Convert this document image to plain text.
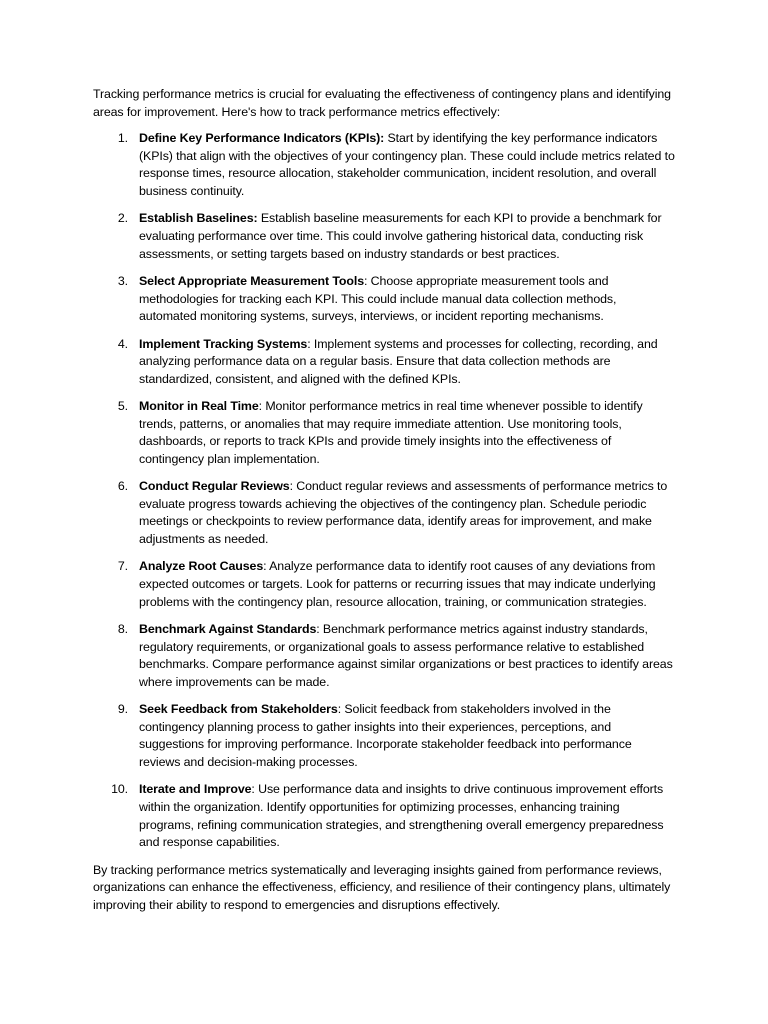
Tracking performance metrics is crucial for evaluating the effectiveness of contingency plans and identifying areas for improvement. Here's how to track performance metrics effectively:

1. Define Key Performance Indicators (KPIs): Start by identifying the key performance indicators (KPIs) that align with the objectives of your contingency plan. These could include metrics related to response times, resource allocation, stakeholder communication, incident resolution, and overall business continuity.
2. Establish Baselines: Establish baseline measurements for each KPI to provide a benchmark for evaluating performance over time. This could involve gathering historical data, conducting risk assessments, or setting targets based on industry standards or best practices.
3. Select Appropriate Measurement Tools: Choose appropriate measurement tools and methodologies for tracking each KPI. This could include manual data collection methods, automated monitoring systems, surveys, interviews, or incident reporting mechanisms.
4. Implement Tracking Systems: Implement systems and processes for collecting, recording, and analyzing performance data on a regular basis. Ensure that data collection methods are standardized, consistent, and aligned with the defined KPIs.
5. Monitor in Real Time: Monitor performance metrics in real time whenever possible to identify trends, patterns, or anomalies that may require immediate attention. Use monitoring tools, dashboards, or reports to track KPIs and provide timely insights into the effectiveness of contingency plan implementation.
6. Conduct Regular Reviews: Conduct regular reviews and assessments of performance metrics to evaluate progress towards achieving the objectives of the contingency plan. Schedule periodic meetings or checkpoints to review performance data, identify areas for improvement, and make adjustments as needed.
7. Analyze Root Causes: Analyze performance data to identify root causes of any deviations from expected outcomes or targets. Look for patterns or recurring issues that may indicate underlying problems with the contingency plan, resource allocation, training, or communication strategies.
8. Benchmark Against Standards: Benchmark performance metrics against industry standards, regulatory requirements, or organizational goals to assess performance relative to established benchmarks. Compare performance against similar organizations or best practices to identify areas where improvements can be made.
9. Seek Feedback from Stakeholders: Solicit feedback from stakeholders involved in the contingency planning process to gather insights into their experiences, perceptions, and suggestions for improving performance. Incorporate stakeholder feedback into performance reviews and decision-making processes.
10. Iterate and Improve: Use performance data and insights to drive continuous improvement efforts within the organization. Identify opportunities for optimizing processes, enhancing training programs, refining communication strategies, and strengthening overall emergency preparedness and response capabilities.

By tracking performance metrics systematically and leveraging insights gained from performance reviews, organizations can enhance the effectiveness, efficiency, and resilience of their contingency plans, ultimately improving their ability to respond to emergencies and disruptions effectively.
